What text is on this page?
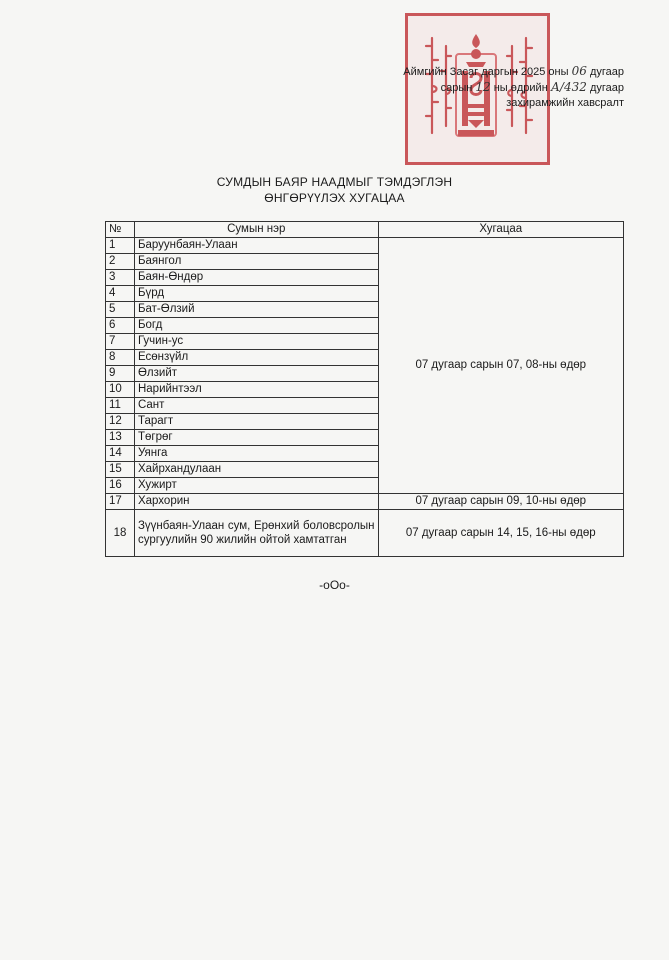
Аймгийн Засаг даргын 2025 оны 06 дугаар
сарын 12 ны өдрийн А/432 дугаар
захирамжийн хавсралт
СУМДЫН БАЯР НААДМЫГ ТЭМДЭГЛЭН
ӨНГӨРҮҮЛЭХ ХУГАЦАА
№	Сумын нэр	Хугацаа
1	Баруунбаян-Улаан	07 дугаар сарын 07, 08-ны өдөр
2	Баянгол	
3	Баян-Өндөр	
4	Бүрд	
5	Бат-Өлзий	
6	Богд	
7	Гучин-ус	
8	Есөнзүйл	
9	Өлзийт	
10	Нарийнтээл	
11	Сант	
12	Тарагт	
13	Төгрөг	
14	Уянга	
15	Хайрхандулаан	
16	Хужирт	
17	Хархорин	07 дугаар сарын 09, 10-ны өдөр
18	Зүүнбаян-Улаан сум, Ерөнхий боловсролын сургуулийн 90 жилийн ойтой хамтатган	07 дугаар сарын 14, 15, 16-ны өдөр
-oOo-
